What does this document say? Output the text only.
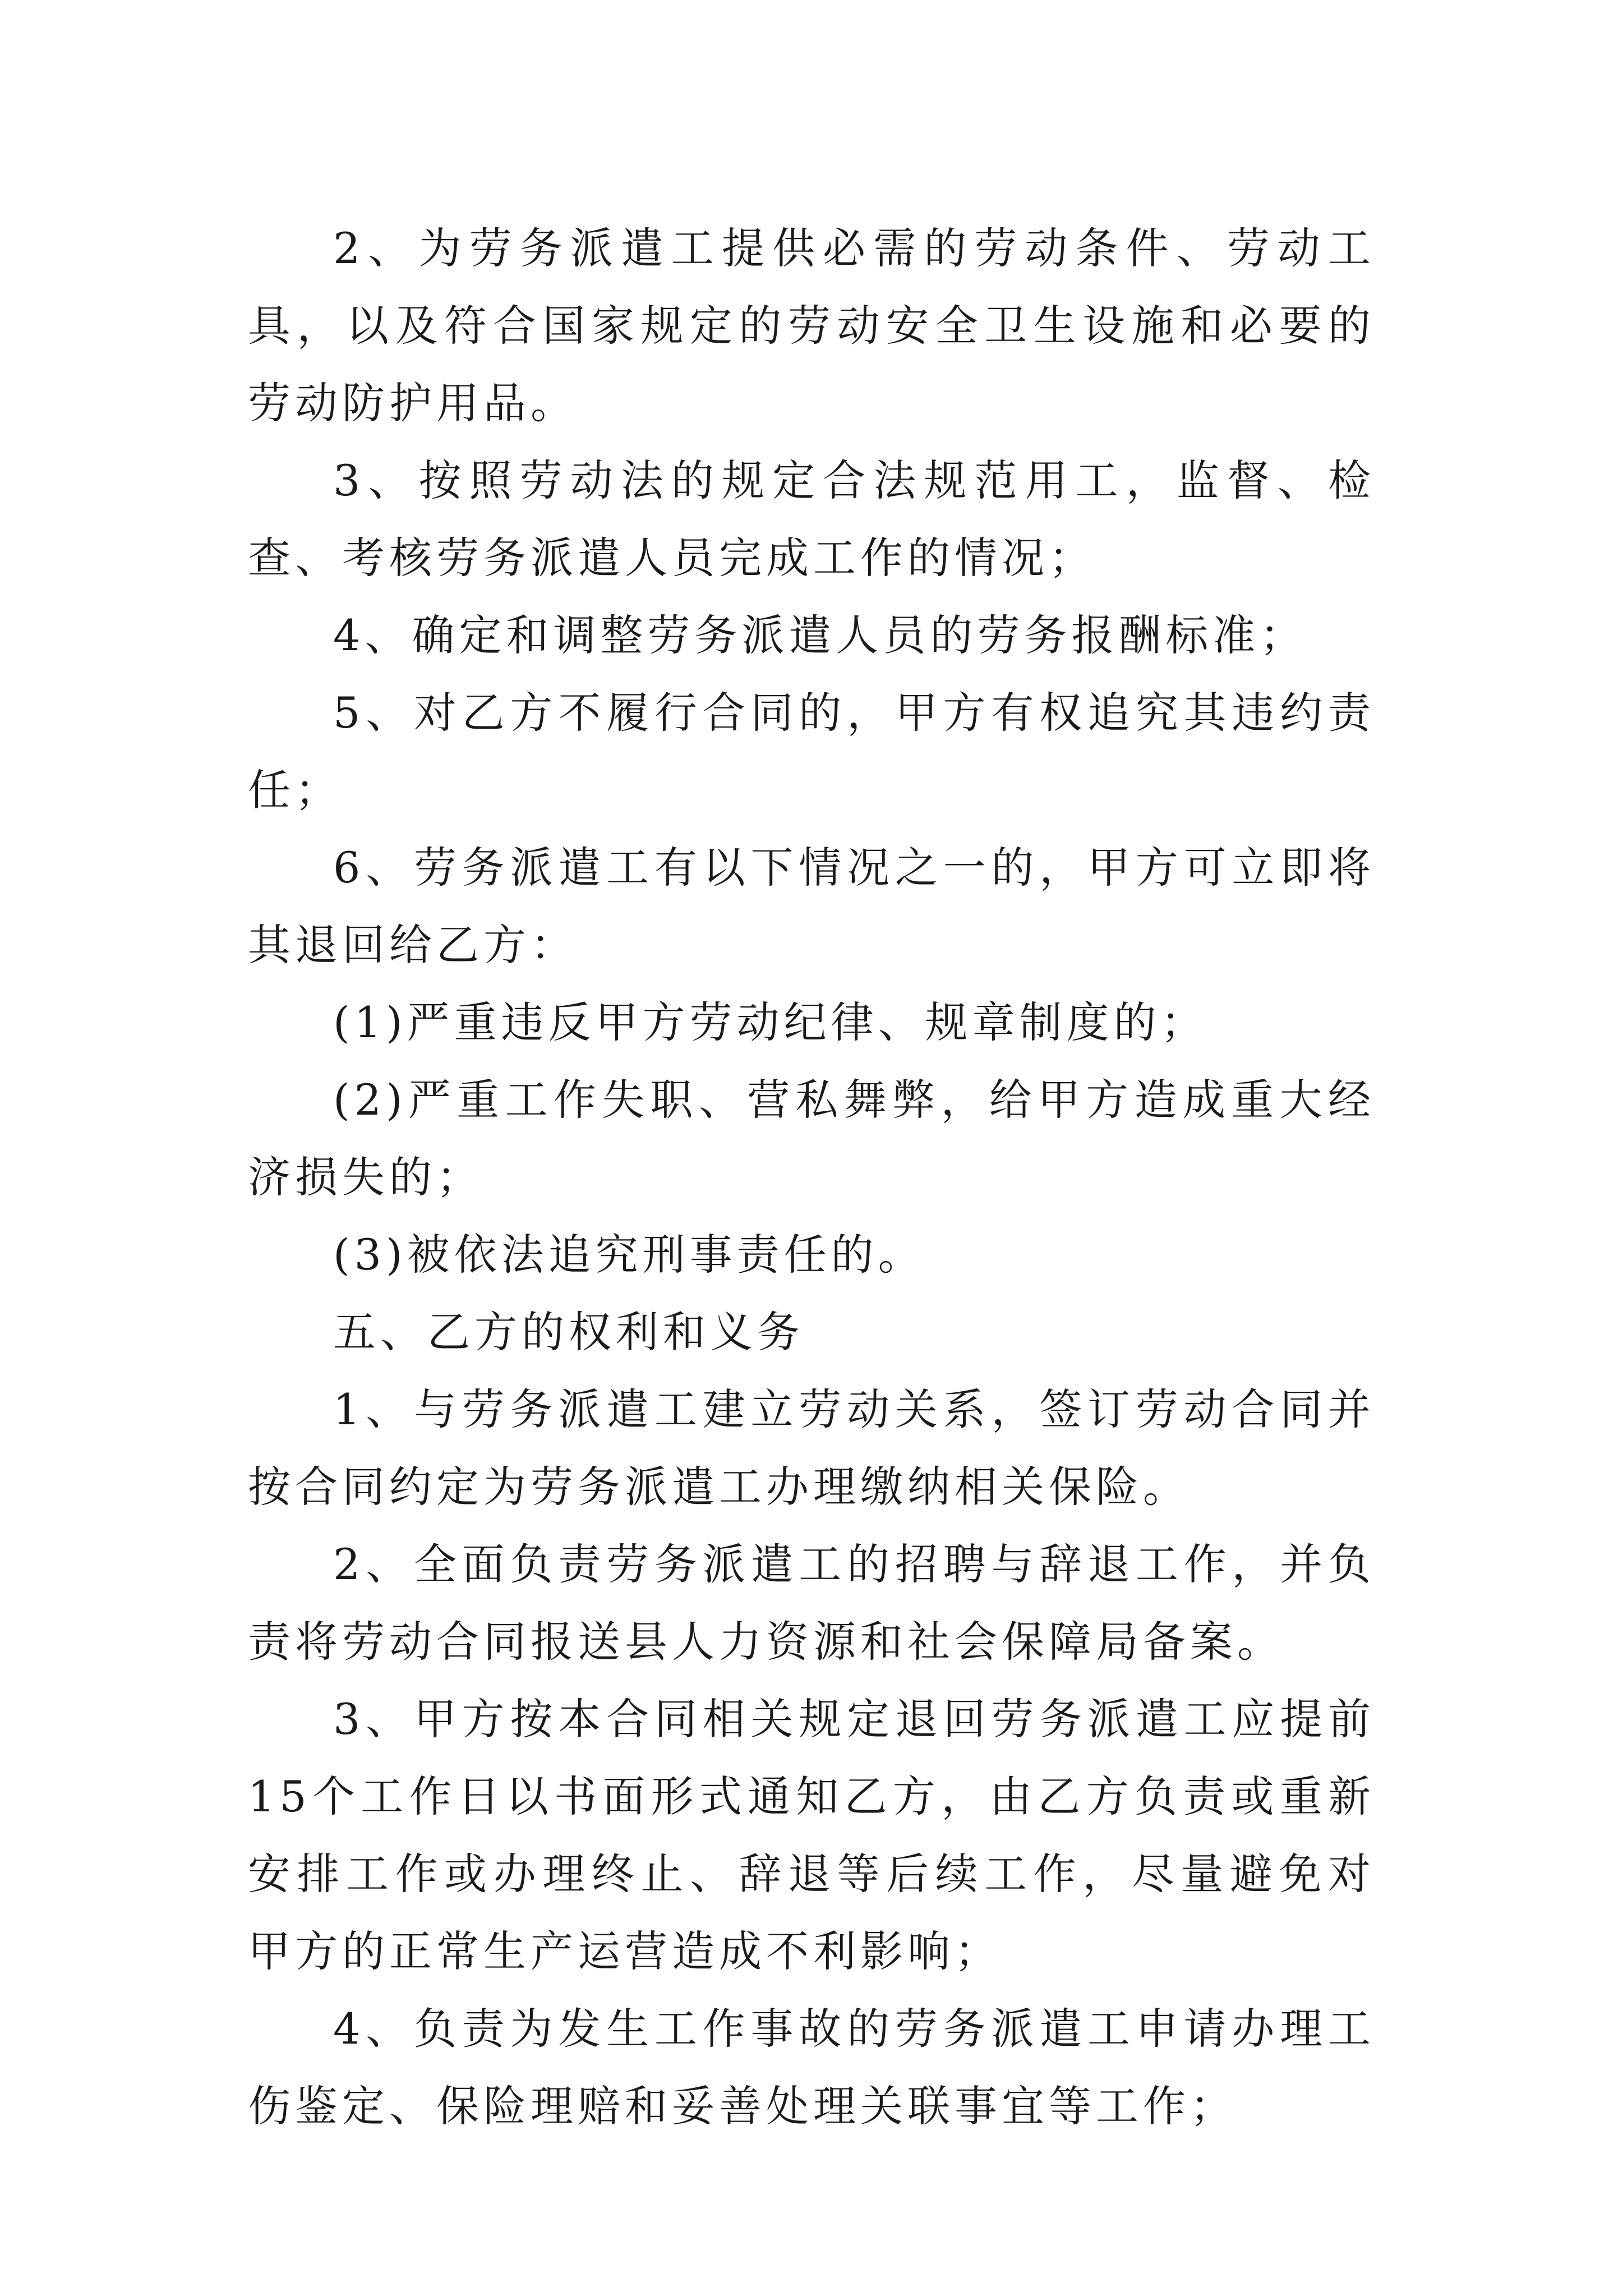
2、为劳务派遣工提供必需的劳动条件、劳动工具，以及符合国家规定的劳动安全卫生设施和必要的劳动防护用品。

3、按照劳动法的规定合法规范用工，监督、检查、考核劳务派遣人员完成工作的情况；

4、确定和调整劳务派遣人员的劳务报酬标准；

5、对乙方不履行合同的，甲方有权追究其违约责任；

6、劳务派遣工有以下情况之一的，甲方可立即将其退回给乙方：

(1)严重违反甲方劳动纪律、规章制度的；

(2)严重工作失职、营私舞弊，给甲方造成重大经济损失的；

(3)被依法追究刑事责任的。

五、乙方的权利和义务

1、与劳务派遣工建立劳动关系，签订劳动合同并按合同约定为劳务派遣工办理缴纳相关保险。

2、全面负责劳务派遣工的招聘与辞退工作，并负责将劳动合同报送县人力资源和社会保障局备案。

3、甲方按本合同相关规定退回劳务派遣工应提前15个工作日以书面形式通知乙方，由乙方负责或重新安排工作或办理终止、辞退等后续工作，尽量避免对甲方的正常生产运营造成不利影响；

4、负责为发生工作事故的劳务派遣工申请办理工伤鉴定、保险理赔和妥善处理关联事宜等工作；
